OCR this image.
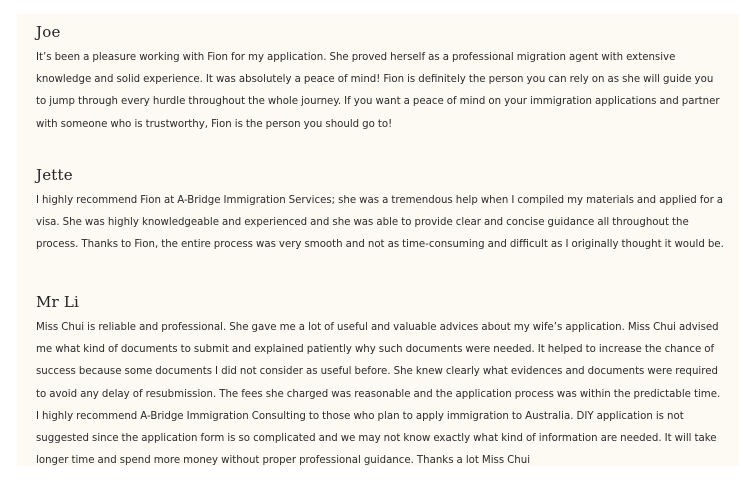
Joe

It’s been a pleasure working with Fion for my application. She proved herself as a professional migration agent with extensive knowledge and solid experience. It was absolutely a peace of mind! Fion is definitely the person you can rely on as she will guide you to jump through every hurdle throughout the whole journey. If you want a peace of mind on your immigration applications and partner with someone who is trustworthy, Fion is the person you should go to!

Jette

I highly recommend Fion at A-Bridge Immigration Services; she was a tremendous help when I compiled my materials and applied for a visa. She was highly knowledgeable and experienced and she was able to provide clear and concise guidance all throughout the process. Thanks to Fion, the entire process was very smooth and not as time-consuming and difficult as I originally thought it would be.

Mr Li

Miss Chui is reliable and professional. She gave me a lot of useful and valuable advices about my wife’s application. Miss Chui advised me what kind of documents to submit and explained patiently why such documents were needed. It helped to increase the chance of success because some documents I did not consider as useful before. She knew clearly what evidences and documents were required to avoid any delay of resubmission. The fees she charged was reasonable and the application process was within the predictable time. I highly recommend A-Bridge Immigration Consulting to those who plan to apply immigration to Australia. DIY application is not suggested since the application form is so complicated and we may not know exactly what kind of information are needed. It will take longer time and spend more money without proper professional guidance. Thanks a lot Miss Chui
